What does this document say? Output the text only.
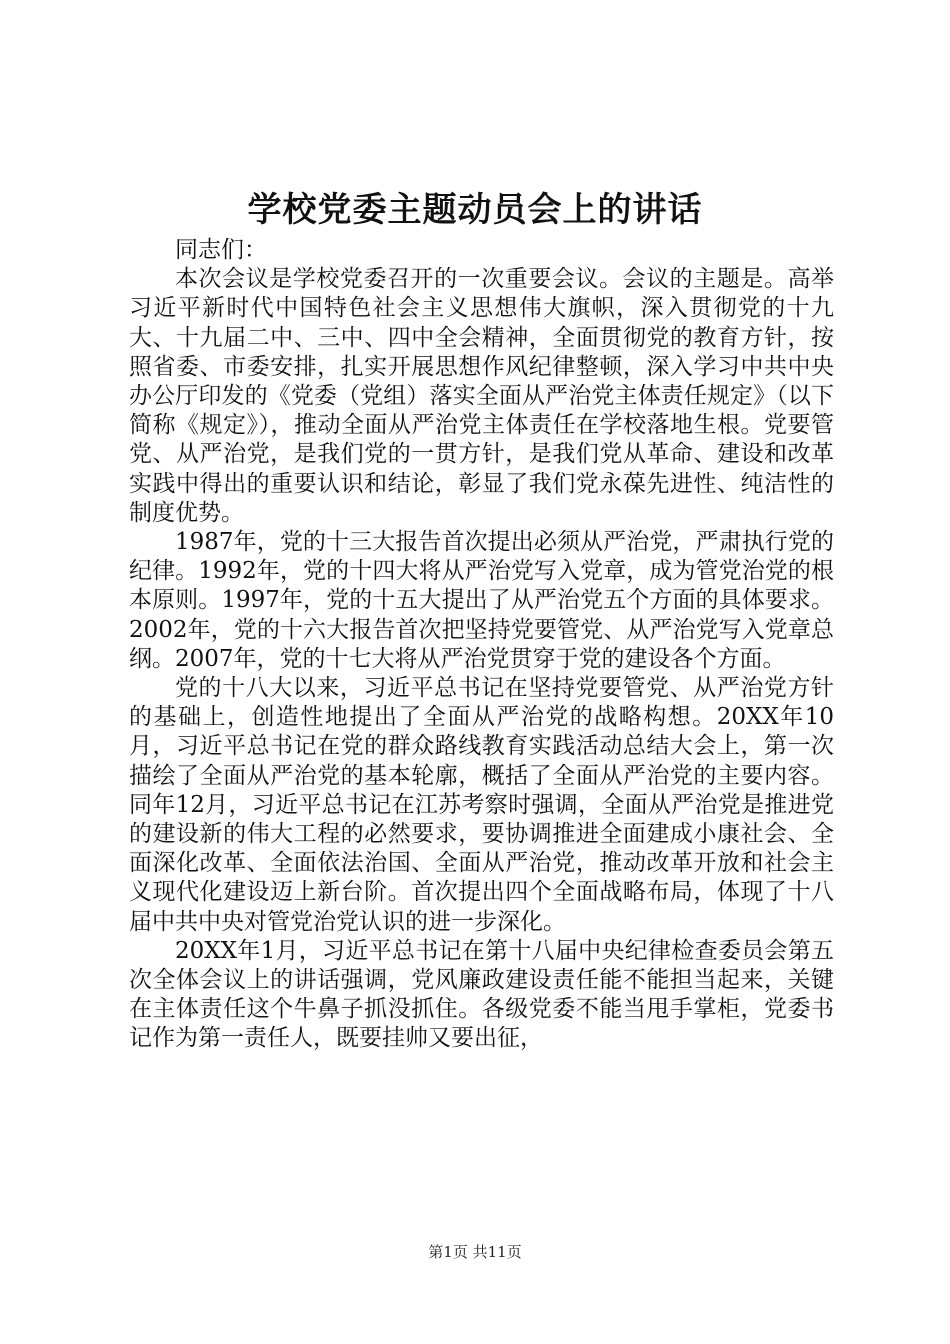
学校党委主题动员会上的讲话

同志们：

本次会议是学校党委召开的一次重要会议。会议的主题是。高举习近平新时代中国特色社会主义思想伟大旗帜，深入贯彻党的十九大、十九届二中、三中、四中全会精神，全面贯彻党的教育方针，按照省委、市委安排，扎实开展思想作风纪律整顿，深入学习中共中央办公厅印发的《党委（党组）落实全面从严治党主体责任规定》（以下简称《规定》），推动全面从严治党主体责任在学校落地生根。党要管党、从严治党，是我们党的一贯方针，是我们党从革命、建设和改革实践中得出的重要认识和结论，彰显了我们党永葆先进性、纯洁性的制度优势。

1987年，党的十三大报告首次提出必须从严治党，严肃执行党的纪律。1992年，党的十四大将从严治党写入党章，成为管党治党的根本原则。1997年，党的十五大提出了从严治党五个方面的具体要求。2002年，党的十六大报告首次把坚持党要管党、从严治党写入党章总纲。2007年，党的十七大将从严治党贯穿于党的建设各个方面。

党的十八大以来，习近平总书记在坚持党要管党、从严治党方针的基础上，创造性地提出了全面从严治党的战略构想。20XX年10月，习近平总书记在党的群众路线教育实践活动总结大会上，第一次描绘了全面从严治党的基本轮廓，概括了全面从严治党的主要内容。同年12月，习近平总书记在江苏考察时强调，全面从严治党是推进党的建设新的伟大工程的必然要求，要协调推进全面建成小康社会、全面深化改革、全面依法治国、全面从严治党，推动改革开放和社会主义现代化建设迈上新台阶。首次提出四个全面战略布局，体现了十八届中共中央对管党治党认识的进一步深化。

20XX年1月，习近平总书记在第十八届中央纪律检查委员会第五次全体会议上的讲话强调，党风廉政建设责任能不能担当起来，关键在主体责任这个牛鼻子抓没抓住。各级党委不能当甩手掌柜，党委书记作为第一责任人，既要挂帅又要出征，

第1页 共11页
